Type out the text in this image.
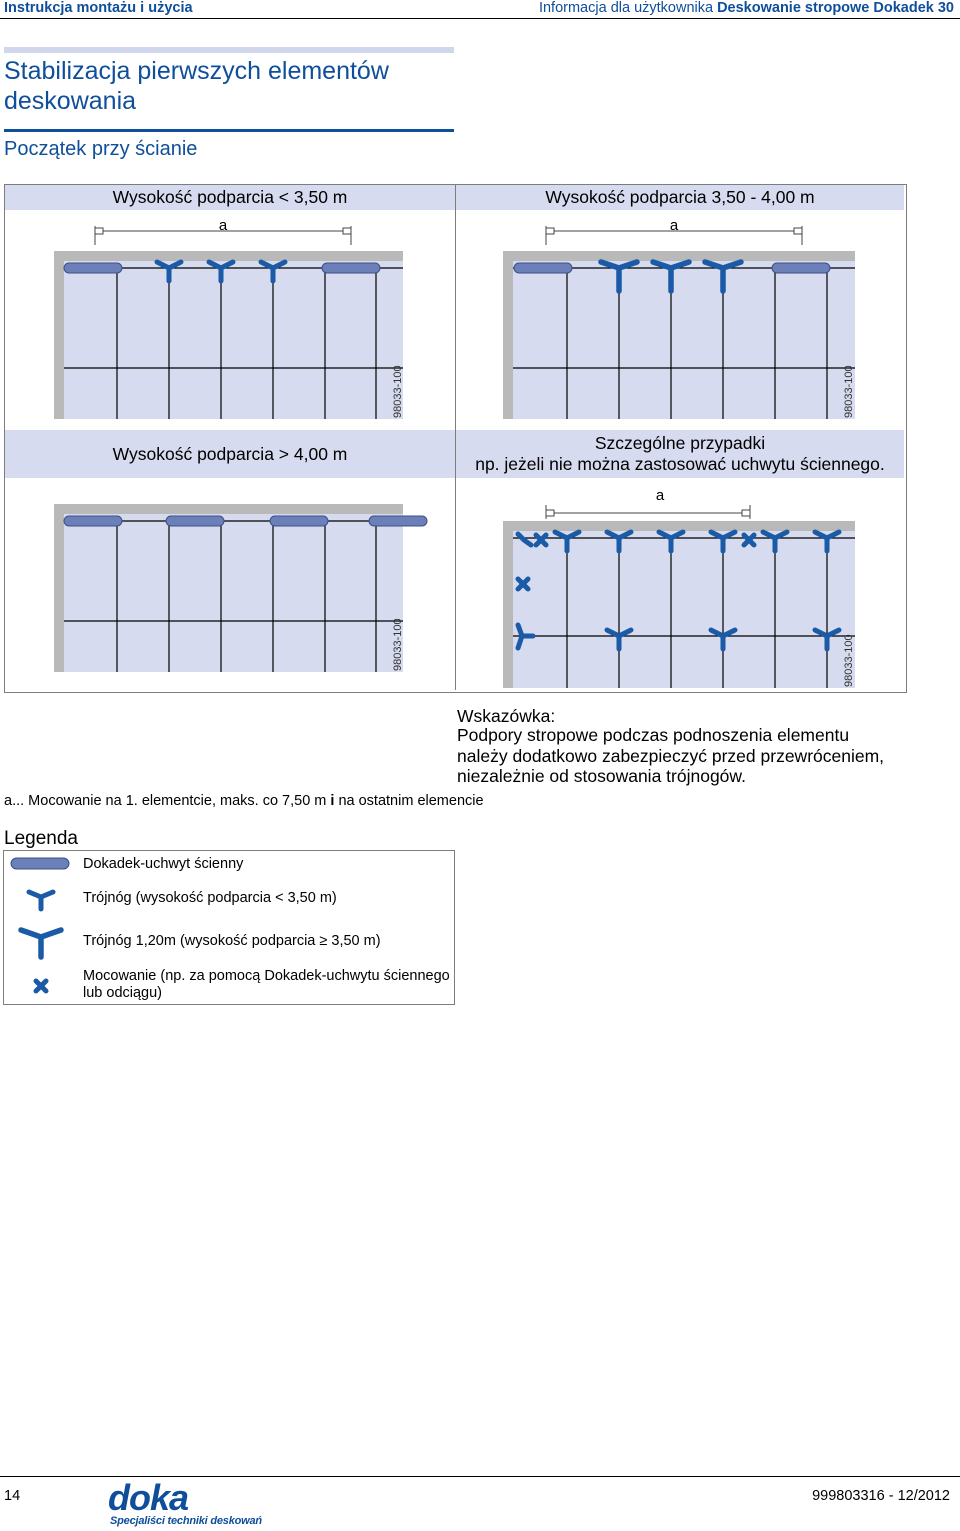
Instrukcja montażu i użycia	Informacja dla użytkownika Deskowanie stropowe Dokadek 30
Stabilizacja pierwszych elementów deskowania
Początek przy ścianie
Wysokość podparcia < 3,50 m	Wysokość podparcia 3,50 - 4,00 m
Wysokość podparcia > 4,00 m
Szczególne przypadki
np. jeżeli nie można zastosować uchwytu ściennego.
a	a
a
98033-100	98033-100
98033-100	98033-100
Wskazówka:
Podpory stropowe podczas podnoszenia elementu należy dodatkowo zabezpieczyć przed przewróceniem, niezależnie od stosowania trójnogów.
a... Mocowanie na 1. elementcie, maks. co 7,50 m i na ostatnim elemencie
Legenda
Dokadek-uchwyt ścienny
Trójnóg (wysokość podparcia < 3,50 m)
Trójnóg 1,20m (wysokość podparcia ≥ 3,50 m)
Mocowanie (np. za pomocą Dokadek-uchwytu ściennego lub odciągu)
14 doka
Specjaliści techniki deskowań
999803316 - 12/2012
